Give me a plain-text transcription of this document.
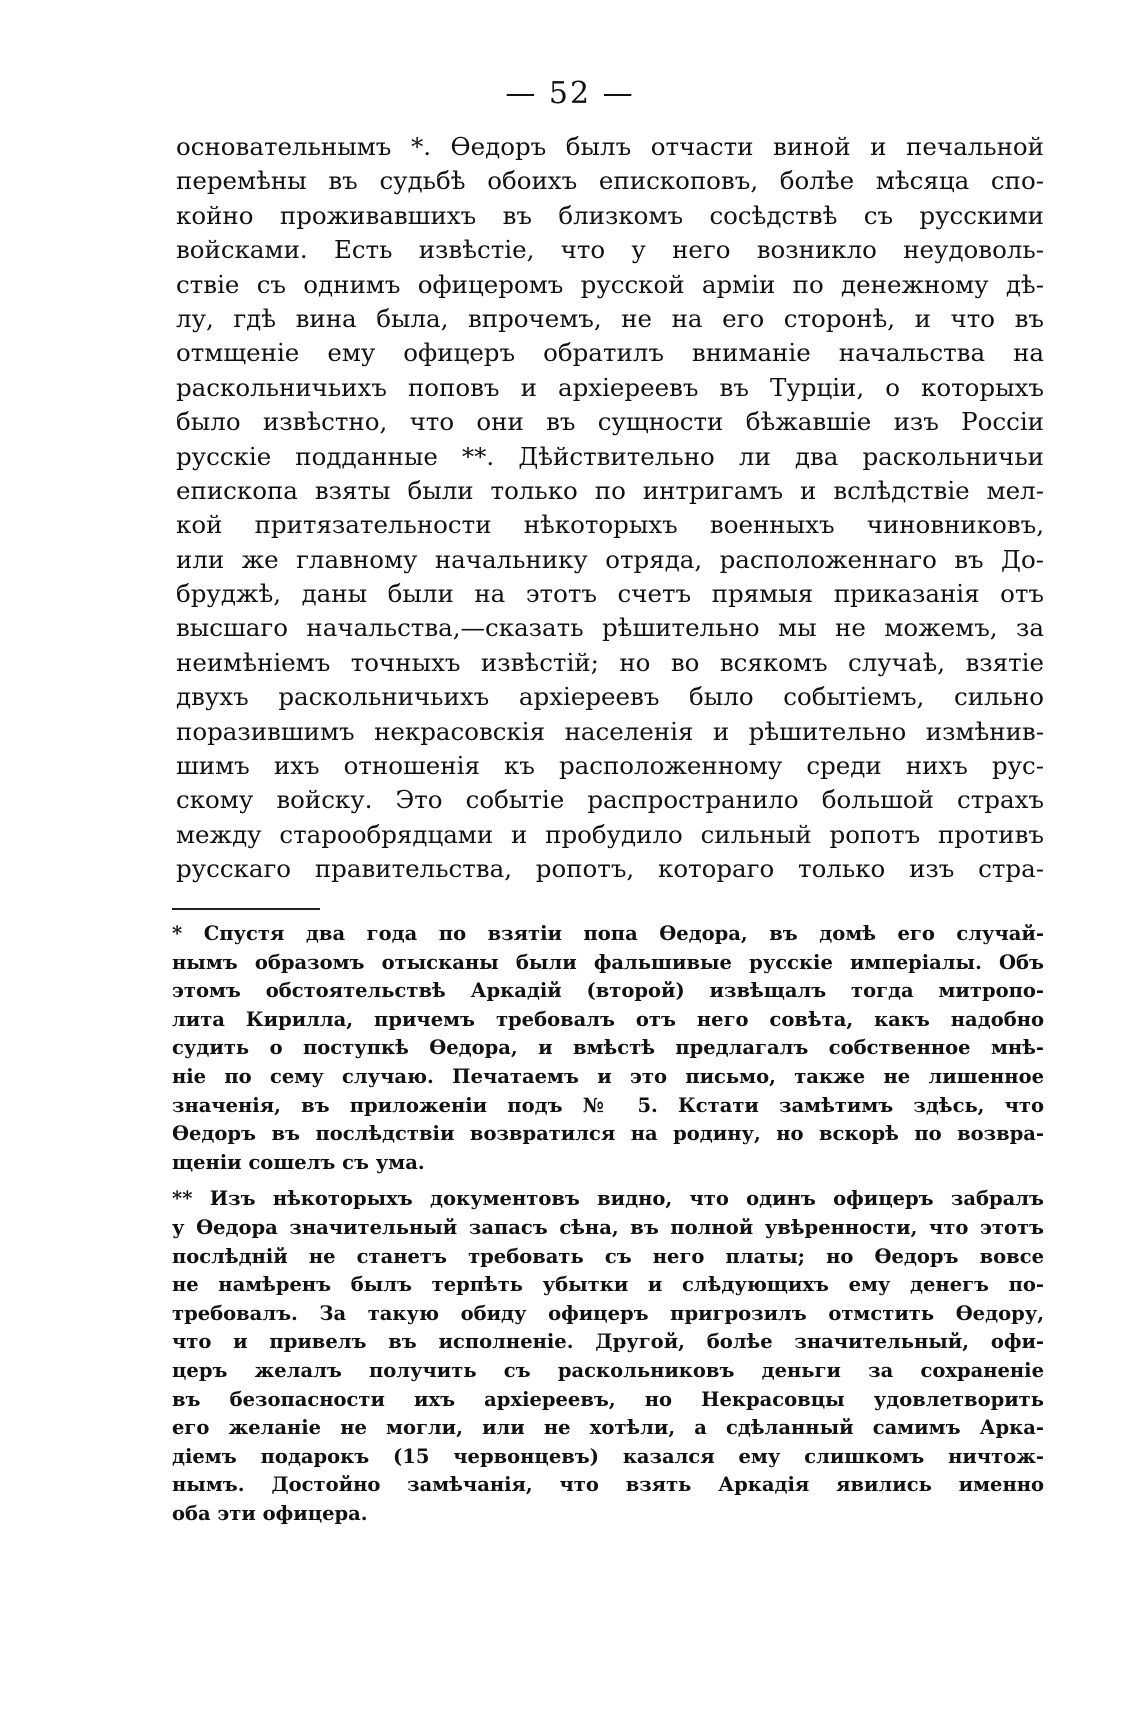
— 52 —
основательнымъ *. Ѳедоръ былъ отчасти виной и печальной
перемѣны въ судьбѣ обоихъ епископовъ, болѣе мѣсяца спо-
койно проживавшихъ въ близкомъ сосѣдствѣ съ русскими
войсками. Есть извѣстіе, что у него возникло неудоволь-
ствіе съ однимъ офицеромъ русской арміи по денежному дѣ-
лу, гдѣ вина была, впрочемъ, не на его сторонѣ, и что въ
отмщеніе ему офицеръ обратилъ вниманіе начальства на
раскольничьихъ поповъ и архіереевъ въ Турціи, о которыхъ
было извѣстно, что они въ сущности бѣжавшіе изъ Россіи
русскіе подданные **. Дѣйствительно ли два раскольничьи
епископа взяты были только по интригамъ и вслѣдствіе мел-
кой притязательности нѣкоторыхъ военныхъ чиновниковъ,
или же главному начальнику отряда, расположеннаго въ До-
бруджѣ, даны были на этотъ счетъ прямыя приказанія отъ
высшаго начальства,—сказать рѣшительно мы не можемъ, за
неимѣніемъ точныхъ извѣстій; но во всякомъ случаѣ, взятіе
двухъ раскольничьихъ архіереевъ было событіемъ, сильно
поразившимъ некрасовскія населенія и рѣшительно измѣнив-
шимъ ихъ отношенія къ расположенному среди нихъ рус-
скому войску. Это событіе распространило большой страхъ
между старообрядцами и пробудило сильный ропотъ противъ
русскаго правительства, ропотъ, котораго только изъ стра-
* Спустя два года по взятіи попа Ѳедора, въ домѣ его случай-
нымъ образомъ отысканы были фальшивые русскіе имперіалы. Объ
этомъ обстоятельствѣ Аркадій (второй) извѣщалъ тогда митропо-
лита Кирилла, причемъ требовалъ отъ него совѣта, какъ надобно
судить о поступкѣ Ѳедора, и вмѣстѣ предлагалъ собственное мнѣ-
ніе по сему случаю. Печатаемъ и это письмо, также не лишенное
значенія, въ приложеніи подъ № 5. Кстати замѣтимъ здѣсь, что
Ѳедоръ въ послѣдствіи возвратился на родину, но вскорѣ по возвра-
щеніи сошелъ съ ума.
** Изъ нѣкоторыхъ документовъ видно, что одинъ офицеръ забралъ
у Ѳедора значительный запасъ сѣна, въ полной увѣренности, что этотъ
послѣдній не станетъ требовать съ него платы; но Ѳедоръ вовсе
не намѣренъ былъ терпѣть убытки и слѣдующихъ ему денегъ по-
требовалъ. За такую обиду офицеръ пригрозилъ отмстить Ѳедору,
что и привелъ въ исполненіе. Другой, болѣе значительный, офи-
церъ желалъ получить съ раскольниковъ деньги за сохраненіе
въ безопасности ихъ архіереевъ, но Некрасовцы удовлетворить
его желаніе не могли, или не хотѣли, а сдѣланный самимъ Арка-
діемъ подарокъ (15 червонцевъ) казался ему слишкомъ ничтож-
нымъ. Достойно замѣчанія, что взять Аркадія явились именно
оба эти офицера.
